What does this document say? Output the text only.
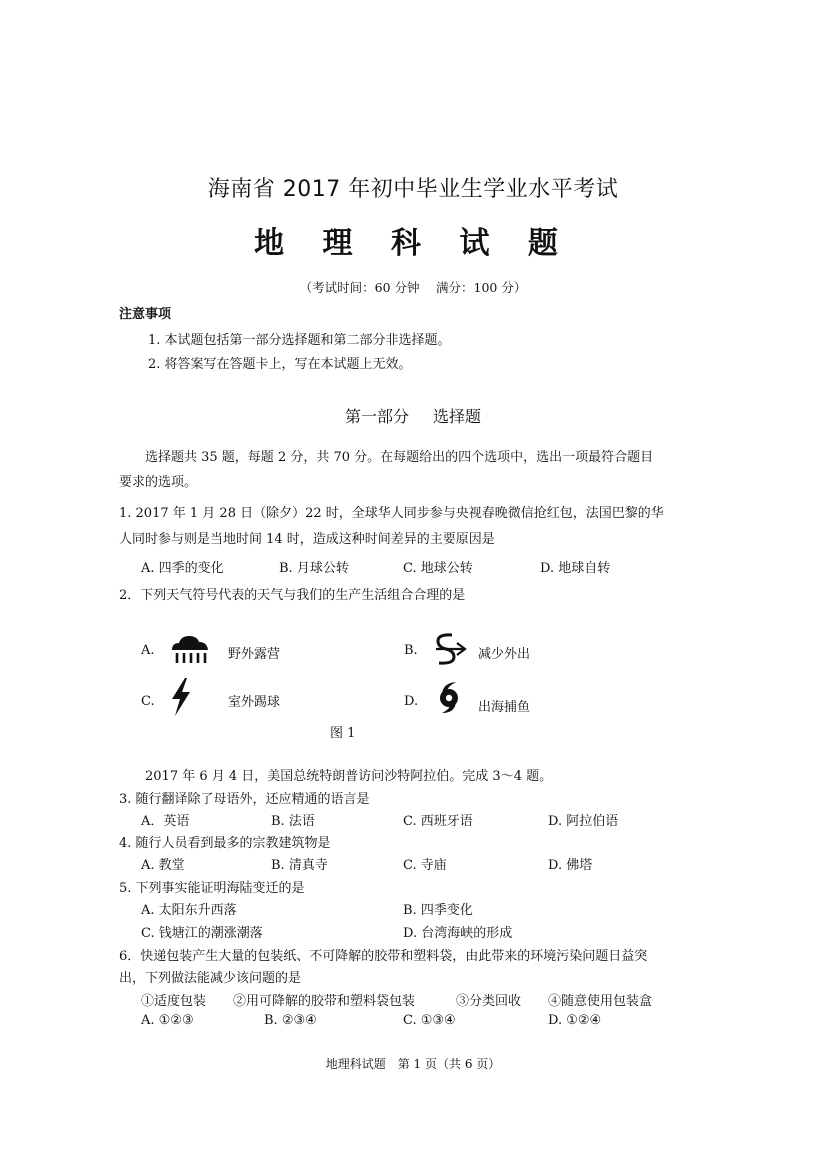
海南省 2017 年初中毕业生学业水平考试
地 理 科 试 题
（考试时间：60 分钟　 满分：100 分）
注意事项
1. 本试题包括第一部分选择题和第二部分非选择题。
2. 将答案写在答题卡上，写在本试题上无效。
第一部分 选择题
选择题共 35 题，每题 2 分，共 70 分。在每题给出的四个选项中，选出一项最符合题目
要求的选项。
1. 2017 年 1 月 28 日（除夕）22 时，全球华人同步参与央视春晚微信抢红包，法国巴黎的华
人同时参与则是当地时间 14 时，造成这种时间差异的主要原因是
A. 四季的变化	B. 月球公转	C. 地球公转	D. 地球自转
2．下列天气符号代表的天气与我们的生产生活组合合理的是
A.	野外露营	B.	减少外出
C.	室外踢球	D.	出海捕鱼
图 1
2017 年 6 月 4 日，美国总统特朗普访问沙特阿拉伯。完成 3～4 题。
3. 随行翻译除了母语外，还应精通的语言是
A．英语	B. 法语	C. 西班牙语	D. 阿拉伯语
4. 随行人员看到最多的宗教建筑物是
A. 教堂	B. 清真寺	C. 寺庙	D. 佛塔
5. 下列事实能证明海陆变迁的是
A. 太阳东升西落	B. 四季变化
C. 钱塘江的潮涨潮落	D. 台湾海峡的形成
6．快递包装产生大量的包装纸、不可降解的胶带和塑料袋，由此带来的环境污染问题日益突
出，下列做法能减少该问题的是
①适度包装 ②用可降解的胶带和塑料袋包装	③分类回收 ④随意使用包装盒
A. ①②③	B. ②③④	C. ①③④	D. ①②④
地理科试题　第 1 页（共 6 页）
